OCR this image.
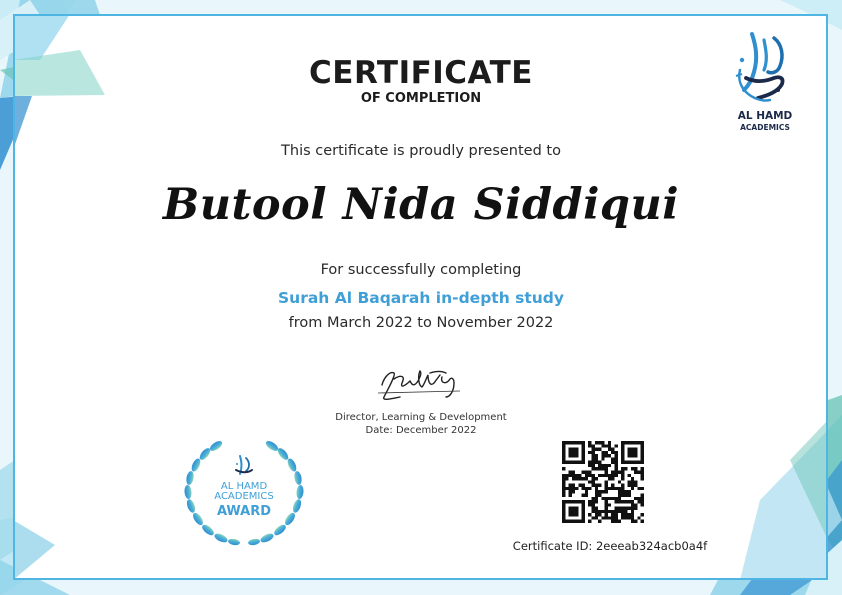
CERTIFICATE
OF COMPLETION
This certificate is proudly presented to
Butool Nida Siddiqui
For successfully completing
Surah Al Baqarah in-depth study
from March 2022 to November 2022
Director, Learning & Development
Date: December 2022
AL HAMD
ACADEMICS
AL HAMD
ACADEMICS
AWARD
Certificate ID: 2eeeab324acb0a4f
